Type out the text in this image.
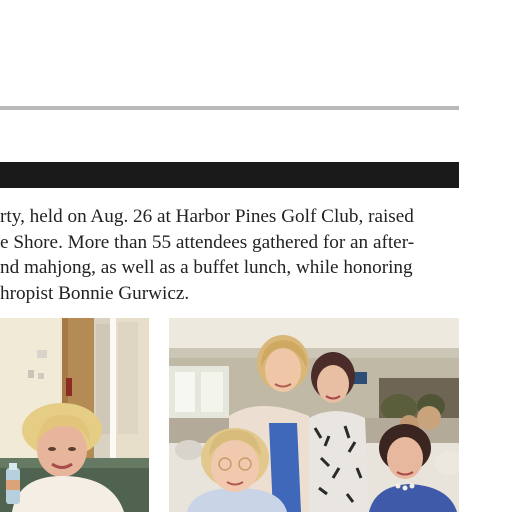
rty, held on Aug. 26 at Harbor Pines Golf Club, raised
e Shore. More than 55 attendees gathered for an after-
nd mahjong, as well as a buffet lunch, while honoring
hropist Bonnie Gurwicz.
